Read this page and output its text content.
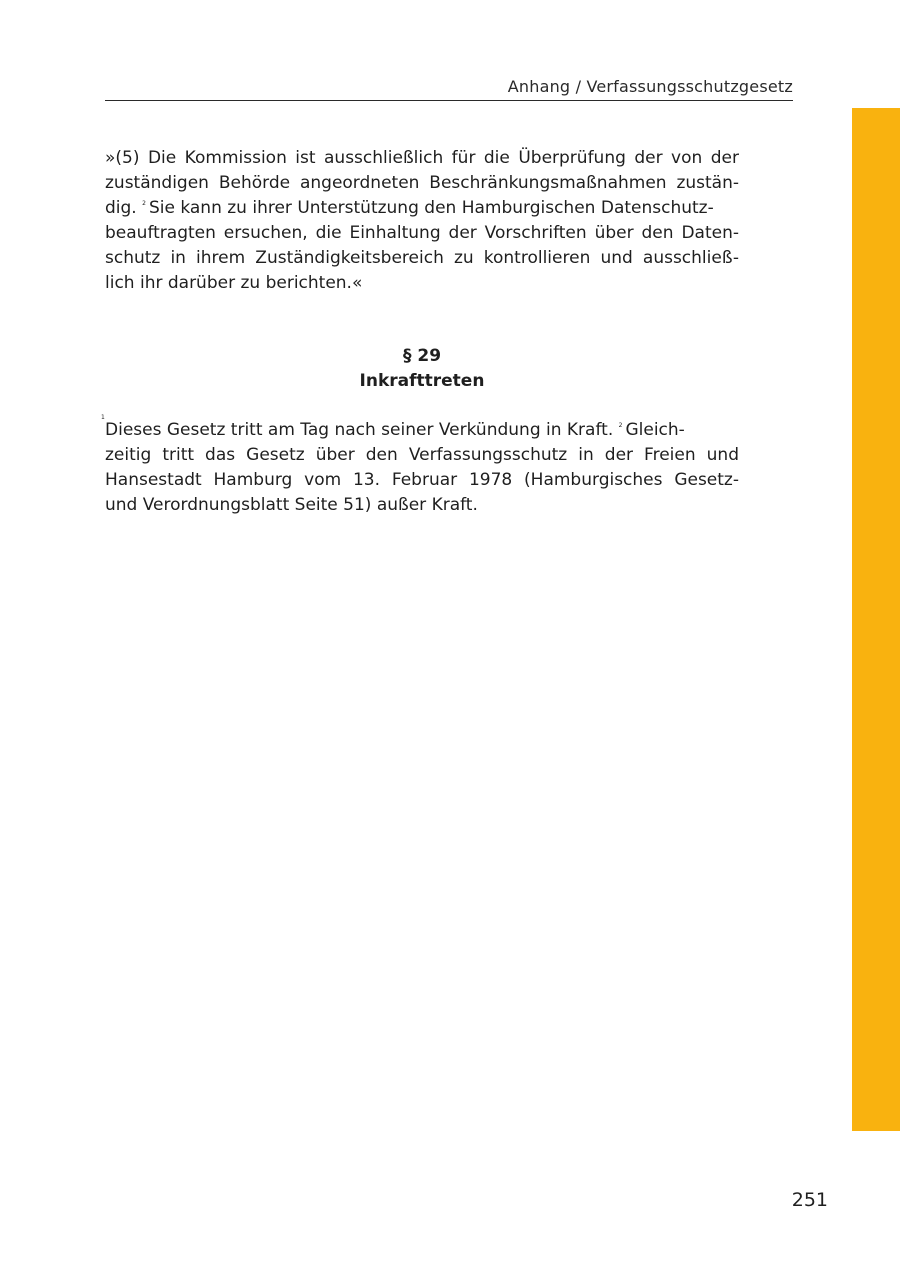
Anhang / Verfassungsschutzgesetz
»(5) Die Kommission ist ausschließlich für die Überprüfung der von der
zuständigen Behörde angeordneten Beschränkungsmaßnahmen zustän-
dig. $^2$ Sie kann zu ihrer Unterstützung den Hamburgischen Datenschutz-
beauftragten ersuchen, die Einhaltung der Vorschriften über den Daten-
schutz in ihrem Zuständigkeitsbereich zu kontrollieren und ausschließ-
lich ihr darüber zu berichten.«
§ 29
Inkrafttreten
1
Dieses Gesetz tritt am Tag nach seiner Verkündung in Kraft. $^2$ Gleich-
zeitig tritt das Gesetz über den Verfassungsschutz in der Freien und
Hansestadt Hamburg vom 13. Februar 1978 (Hamburgisches Gesetz-
und Verordnungsblatt Seite 51) außer Kraft.
251
